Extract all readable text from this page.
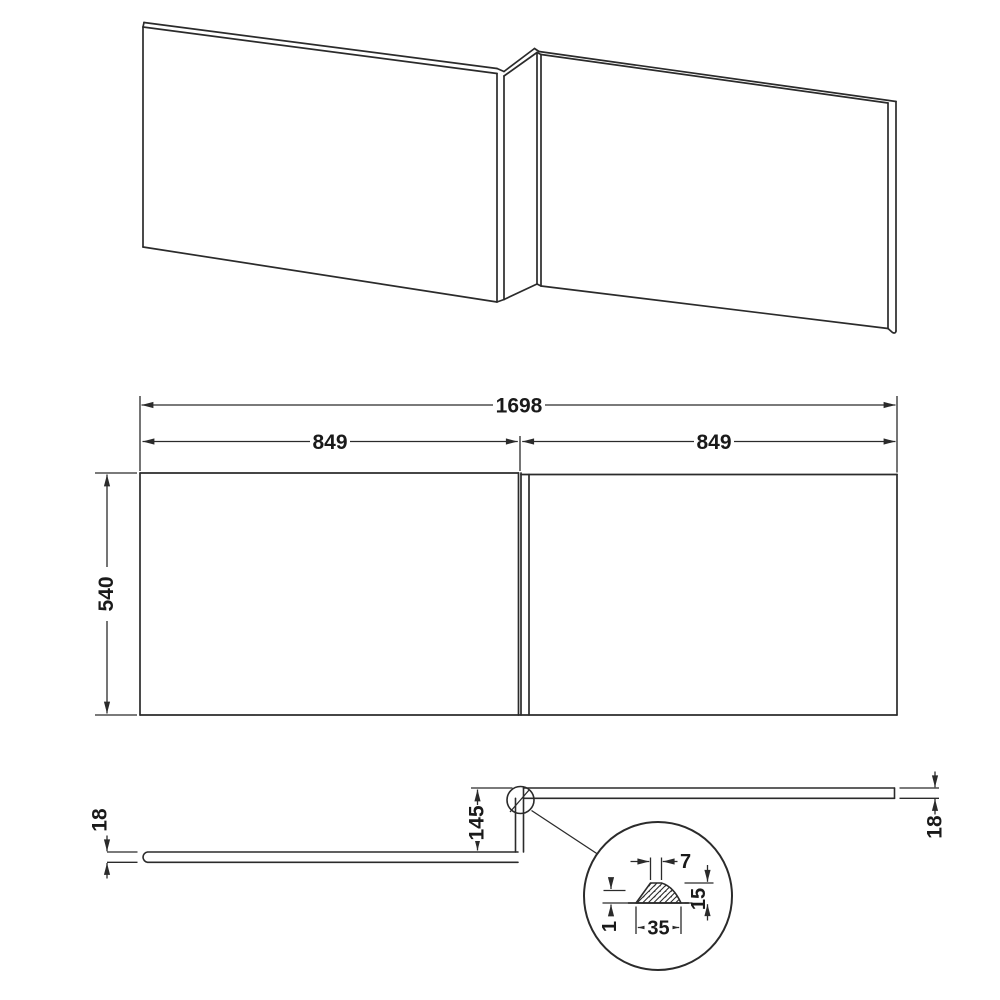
1698
849	849
540
18	18
145
7
15
35
1
